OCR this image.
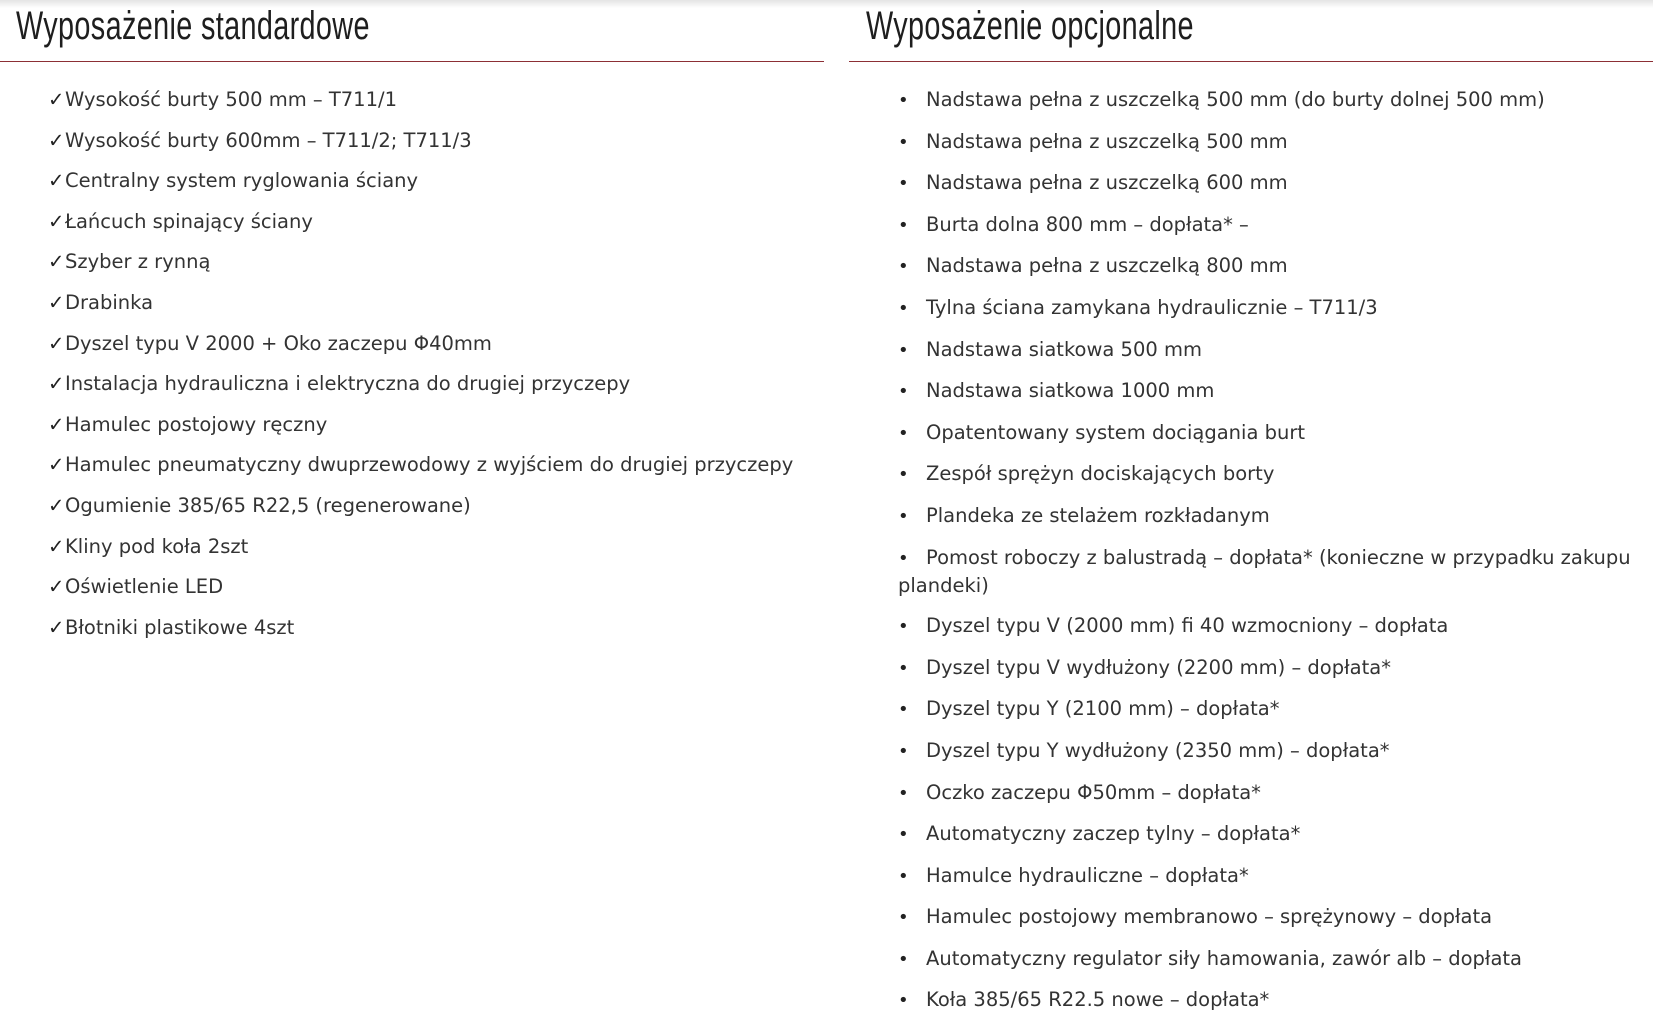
Wyposażenie standardowe
✓Wysokość burty 500 mm – T711/1
✓Wysokość burty 600mm – T711/2; T711/3
✓Centralny system ryglowania ściany
✓Łańcuch spinający ściany
✓Szyber z rynną
✓Drabinka
✓Dyszel typu V 2000 + Oko zaczepu Φ40mm
✓Instalacja hydrauliczna i elektryczna do drugiej przyczepy
✓Hamulec postojowy ręczny
✓Hamulec pneumatyczny dwuprzewodowy z wyjściem do drugiej przyczepy
✓Ogumienie 385/65 R22,5 (regenerowane)
✓Kliny pod koła 2szt
✓Oświetlenie LED
✓Błotniki plastikowe 4szt
Wyposażenie opcjonalne
• Nadstawa pełna z uszczelką 500 mm (do burty dolnej 500 mm)
• Nadstawa pełna z uszczelką 500 mm
• Nadstawa pełna z uszczelką 600 mm
• Burta dolna 800 mm – dopłata* –
• Nadstawa pełna z uszczelką 800 mm
• Tylna ściana zamykana hydraulicznie – T711/3
• Nadstawa siatkowa 500 mm
• Nadstawa siatkowa 1000 mm
• Opatentowany system dociągania burt
• Zespół sprężyn dociskających borty
• Plandeka ze stelażem rozkładanym
• Pomost roboczy z balustradą – dopłata* (konieczne w przypadku zakupu plandeki)
• Dyszel typu V (2000 mm) fi 40 wzmocniony – dopłata
• Dyszel typu V wydłużony (2200 mm) – dopłata*
• Dyszel typu Y (2100 mm) – dopłata*
• Dyszel typu Y wydłużony (2350 mm) – dopłata*
• Oczko zaczepu Φ50mm – dopłata*
• Automatyczny zaczep tylny – dopłata*
• Hamulce hydrauliczne – dopłata*
• Hamulec postojowy membranowo – sprężynowy – dopłata
• Automatyczny regulator siły hamowania, zawór alb – dopłata
• Koła 385/65 R22.5 nowe – dopłata*
